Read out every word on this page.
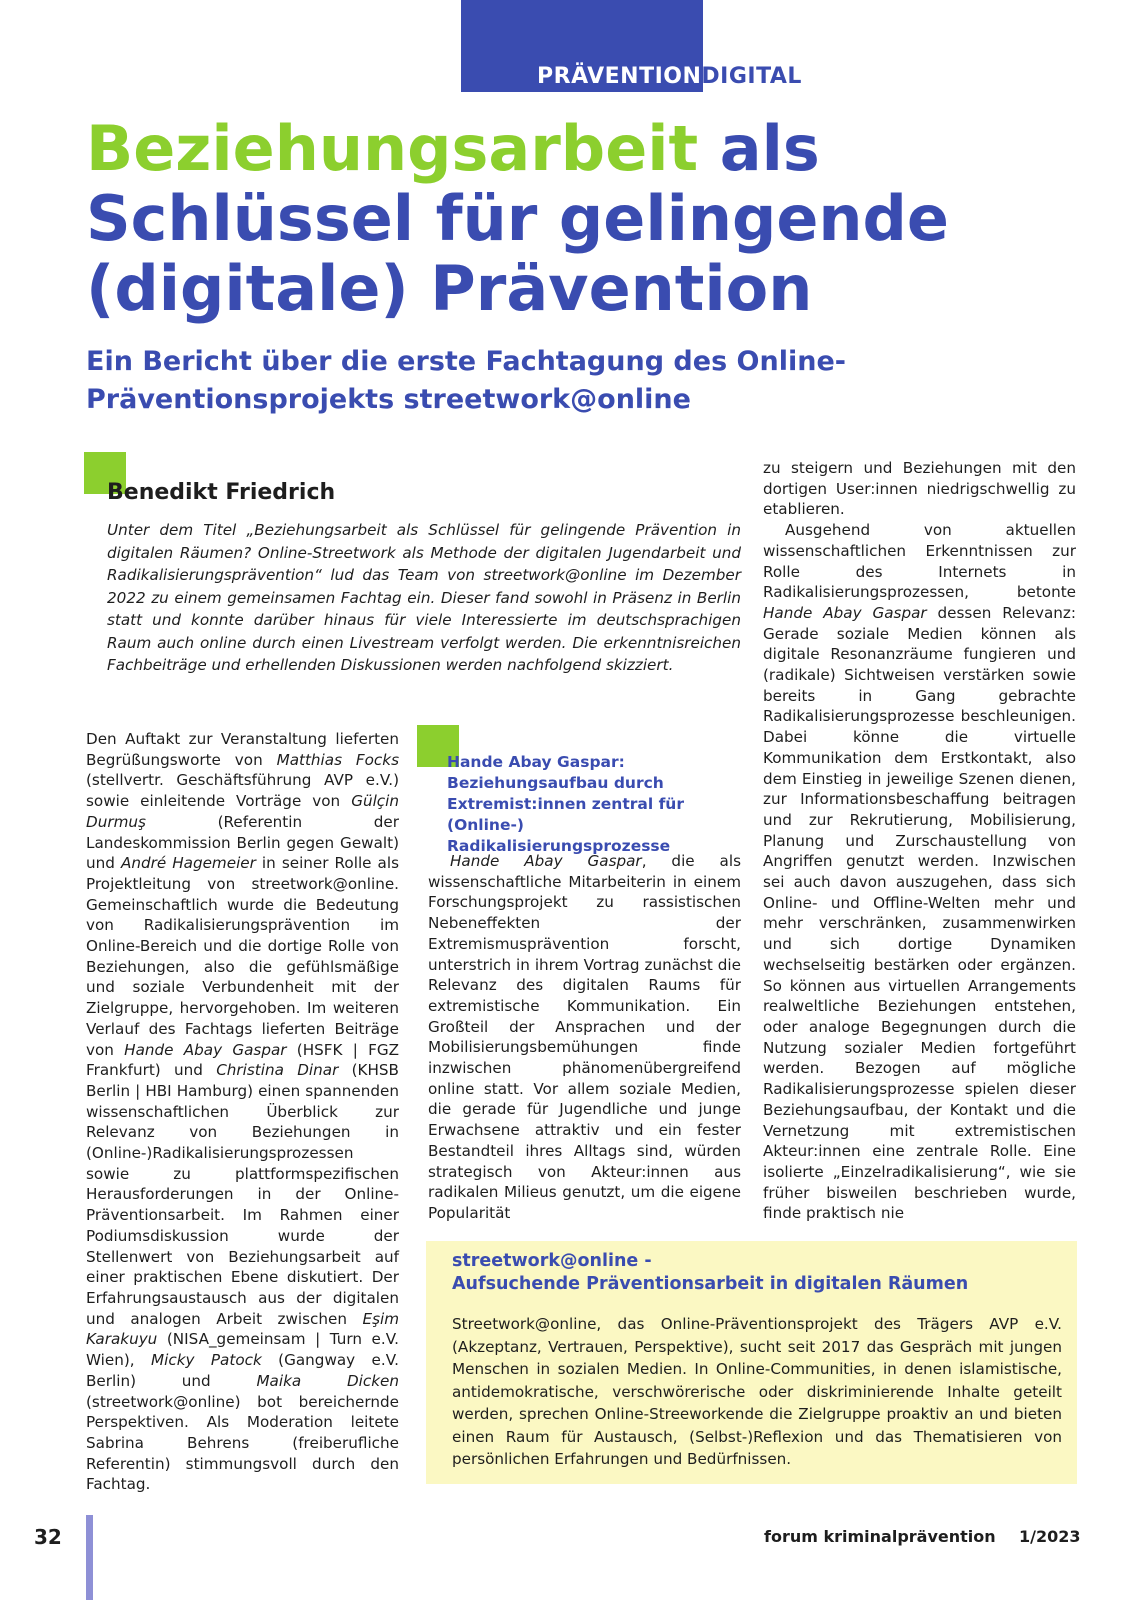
PRÄVENTIONDIGITAL
Beziehungsarbeit als Schlüssel für gelingende (digitale) Prävention
Ein Bericht über die erste Fachtagung des Online-Präventionsprojekts streetwork@online

Benedikt Friedrich

Unter dem Titel „Beziehungsarbeit als Schlüssel für gelingende Prävention in digitalen Räumen? Online-Streetwork als Methode der digitalen Jugendarbeit und Radikalisierungsprävention“ lud das Team von streetwork@online im Dezember 2022 zu einem gemeinsamen Fachtag ein. Dieser fand sowohl in Präsenz in Berlin statt und konnte darüber hinaus für viele Interessierte im deutschsprachigen Raum auch online durch einen Livestream verfolgt werden. Die erkenntnisreichen Fachbeiträge und erhellenden Diskussionen werden nachfolgend skizziert.

Den Auftakt zur Veranstaltung lieferten Begrüßungsworte von Matthias Focks (stellvertr. Geschäftsführung AVP e.V.) sowie einleitende Vorträge von Gülçin Durmuş (Referentin der Landeskommission Berlin gegen Gewalt) und André Hagemeier in seiner Rolle als Projektleitung von streetwork@online. Gemeinschaftlich wurde die Bedeutung von Radikalisierungsprävention im Online-Bereich und die dortige Rolle von Beziehungen, also die gefühlsmäßige und soziale Verbundenheit mit der Zielgruppe, hervorgehoben. Im weiteren Verlauf des Fachtags lieferten Beiträge von Hande Abay Gaspar (HSFK | FGZ Frankfurt) und Christina Dinar (KHSB Berlin | HBI Hamburg) einen spannenden wissenschaftlichen Überblick zur Relevanz von Beziehungen in (Online-)Radikalisierungsprozessen sowie zu plattformspezifischen Herausforderungen in der Online-Präventionsarbeit. Im Rahmen einer Podiumsdiskussion wurde der Stellenwert von Beziehungsarbeit auf einer praktischen Ebene diskutiert. Der Erfahrungsaustausch aus der digitalen und analogen Arbeit zwischen Eşim Karakuyu (NISA_gemeinsam | Turn e.V. Wien), Micky Patock (Gangway e.V. Berlin) und Maika Dicken (streetwork@online) bot bereichernde Perspektiven. Als Moderation leitete Sabrina Behrens (freiberufliche Referentin) stimmungsvoll durch den Fachtag.

Hande Abay Gaspar: Beziehungsaufbau durch Extremist:innen zentral für (Online-) Radikalisierungsprozesse

Hande Abay Gaspar, die als wissenschaftliche Mitarbeiterin in einem Forschungsprojekt zu rassistischen Nebeneffekten der Extremismusprävention forscht, unterstrich in ihrem Vortrag zunächst die Relevanz des digitalen Raums für extremistische Kommunikation. Ein Großteil der Ansprachen und der Mobilisierungsbemühungen finde inzwischen phänomenübergreifend online statt. Vor allem soziale Medien, die gerade für Jugendliche und junge Erwachsene attraktiv und ein fester Bestandteil ihres Alltags sind, würden strategisch von Akteur:innen aus radikalen Milieus genutzt, um die eigene Popularität

zu steigern und Beziehungen mit den dortigen User:innen niedrigschwellig zu etablieren.
Ausgehend von aktuellen wissenschaftlichen Erkenntnissen zur Rolle des Internets in Radikalisierungsprozessen, betonte Hande Abay Gaspar dessen Relevanz: Gerade soziale Medien können als digitale Resonanzräume fungieren und (radikale) Sichtweisen verstärken sowie bereits in Gang gebrachte Radikalisierungsprozesse beschleunigen. Dabei könne die virtuelle Kommunikation dem Erstkontakt, also dem Einstieg in jeweilige Szenen dienen, zur Informationsbeschaffung beitragen und zur Rekrutierung, Mobilisierung, Planung und Zurschaustellung von Angriffen genutzt werden. Inzwischen sei auch davon auszugehen, dass sich Online- und Offline-Welten mehr und mehr verschränken, zusammenwirken und sich dortige Dynamiken wechselseitig bestärken oder ergänzen. So können aus virtuellen Arrangements realweltliche Beziehungen entstehen, oder analoge Begegnungen durch die Nutzung sozialer Medien fortgeführt werden. Bezogen auf mögliche Radikalisierungsprozesse spielen dieser Beziehungsaufbau, der Kontakt und die Vernetzung mit extremistischen Akteur:innen eine zentrale Rolle. Eine isolierte „Einzelradikalisierung“, wie sie früher bisweilen beschrieben wurde, finde praktisch nie

streetwork@online -
Aufsuchende Präventionsarbeit in digitalen Räumen

Streetwork@online, das Online-Präventionsprojekt des Trägers AVP e.V. (Akzeptanz, Vertrauen, Perspektive), sucht seit 2017 das Gespräch mit jungen Menschen in sozialen Medien. In Online-Communities, in denen islamistische, antidemokratische, verschwörerische oder diskriminierende Inhalte geteilt werden, sprechen Online-Streeworkende die Zielgruppe proaktiv an und bieten einen Raum für Austausch, (Selbst-)Reflexion und das Thematisieren von persönlichen Erfahrungen und Bedürfnissen.

32	forum kriminalprävention 1/2023
